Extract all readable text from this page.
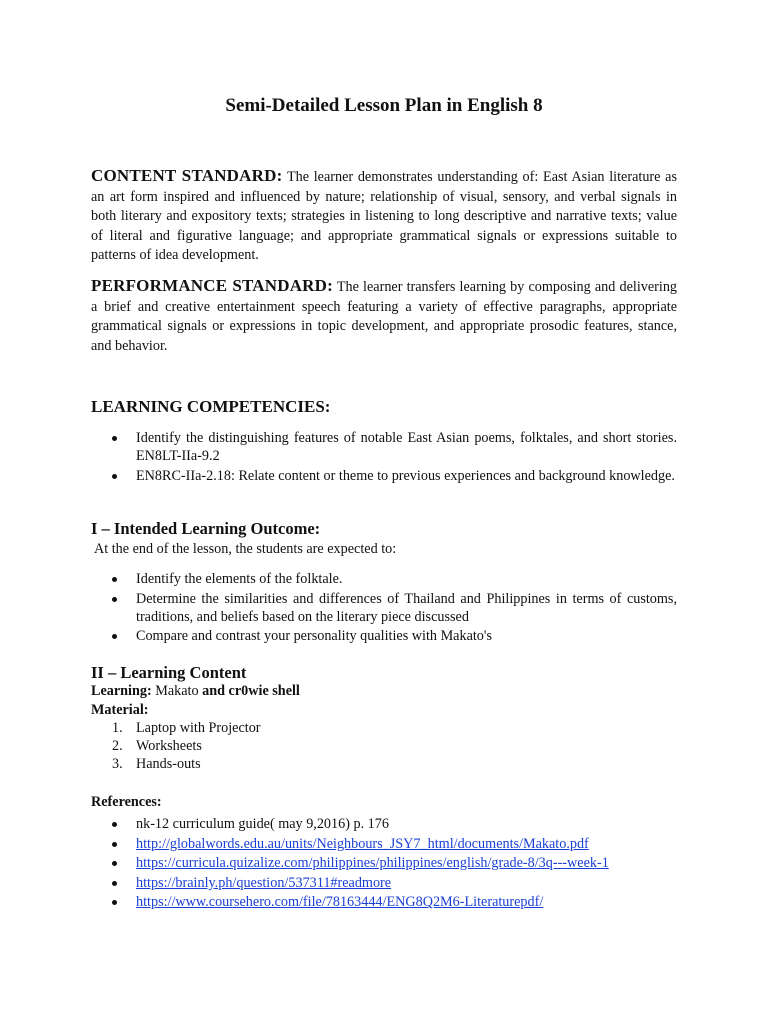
Semi-Detailed Lesson Plan in English 8

CONTENT STANDARD: The learner demonstrates understanding of: East Asian literature as an art form inspired and influenced by nature; relationship of visual, sensory, and verbal signals in both literary and expository texts; strategies in listening to long descriptive and narrative texts; value of literal and figurative language; and appropriate grammatical signals or expressions suitable to patterns of idea development.

PERFORMANCE STANDARD: The learner transfers learning by composing and delivering a brief and creative entertainment speech featuring a variety of effective paragraphs, appropriate grammatical signals or expressions in topic development, and appropriate prosodic features, stance, and behavior.

LEARNING COMPETENCIES:
Identify the distinguishing features of notable East Asian poems, folktales, and short stories. EN8LT-IIa-9.2
EN8RC-IIa-2.18: Relate content or theme to previous experiences and background knowledge.
I – Intended Learning Outcome:

At the end of the lesson, the students are expected to:

Identify the elements of the folktale.
Determine the similarities and differences of Thailand and Philippines in terms of customs, traditions, and beliefs based on the literary piece discussed
Compare and contrast your personality qualities with Makato's
II – Learning Content

Learning: Makato and cr0wie shell

Material:

1. Laptop with Projector
2. Worksheets
3. Hands-outs

References:

nk-12 curriculum guide( may 9,2016) p. 176
http://globalwords.edu.au/units/Neighbours_JSY7_html/documents/Makato.pdf
https://curricula.quizalize.com/philippines/philippines/english/grade-8/3q---week-1
https://brainly.ph/question/537311#readmore
https://www.coursehero.com/file/78163444/ENG8Q2M6-Literaturepdf/
